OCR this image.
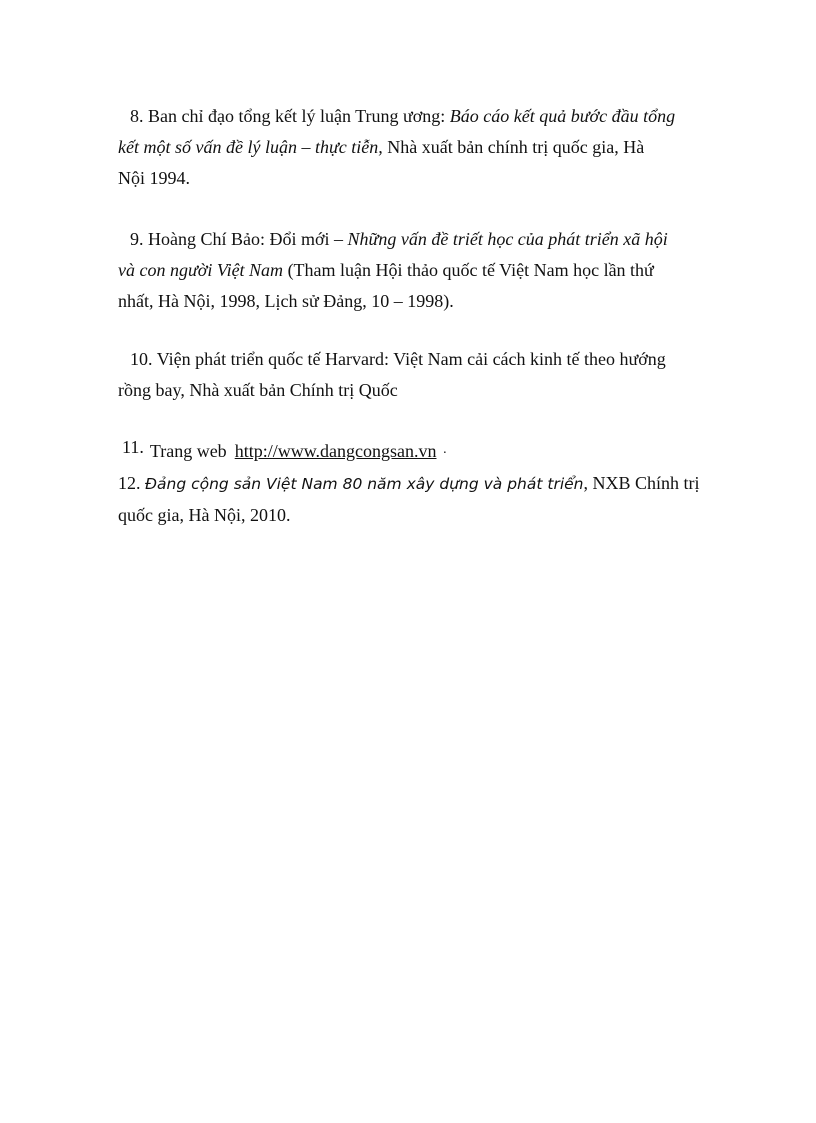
8. Ban chỉ đạo tổng kết lý luận Trung ương: Báo cáo kết quả bước đầu tổng
kết một số vấn đề lý luận – thực tiễn, Nhà xuất bản chính trị quốc gia, Hà
Nội 1994.

9. Hoàng Chí Bảo: Đổi mới – Những vấn đề triết học của phát triển xã hội
và con người Việt Nam (Tham luận Hội thảo quốc tế Việt Nam học lần thứ
nhất, Hà Nội, 1998, Lịch sử Đảng, 10 – 1998).

10. Viện phát triển quốc tế Harvard: Việt Nam cải cách kinh tế theo hướng
rồng bay, Nhà xuất bản Chính trị Quốc

11. Trang web http://www.dangcongsan.vn ·

12. Đảng cộng sản Việt Nam 80 năm xây dựng và phát triển, NXB Chính trị
quốc gia, Hà Nội, 2010.
